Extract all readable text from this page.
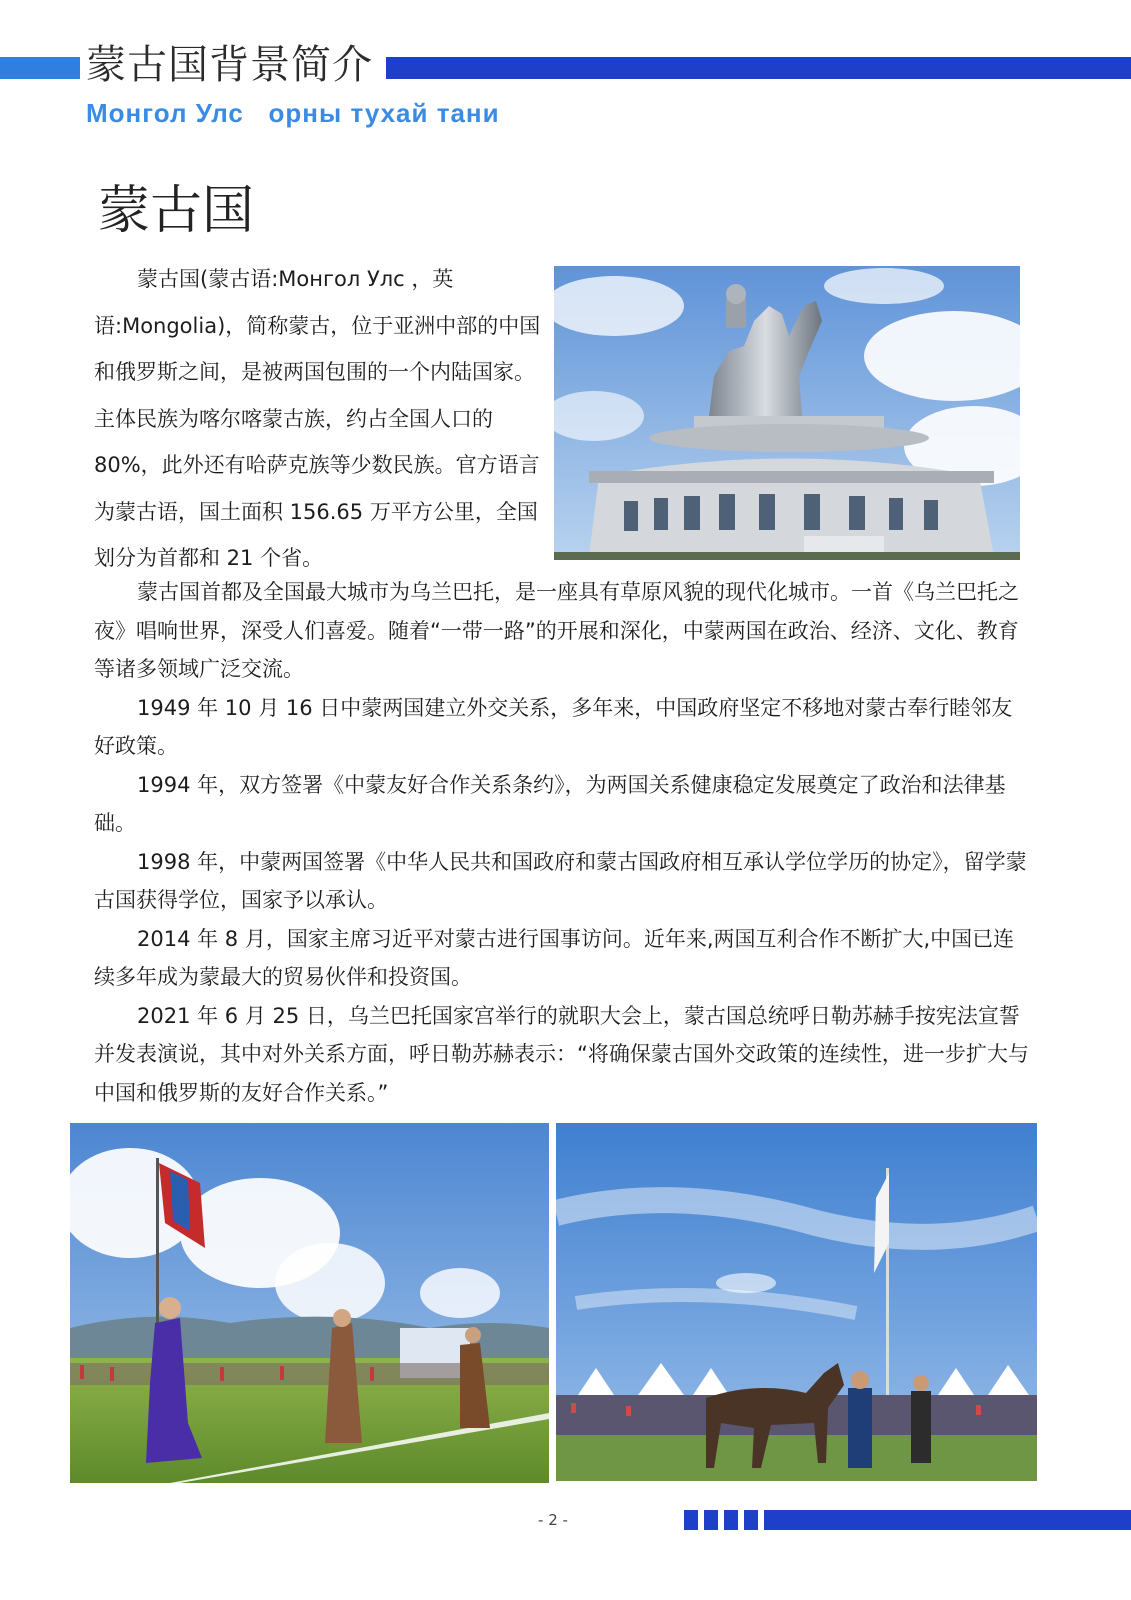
蒙古国背景简介
Монгол Улс   орны тухай тани
蒙古国
蒙古国(蒙古语:Монгол Улс ，英语:Mongolia)，简称蒙古，位于亚洲中部的中国和俄罗斯之间，是被两国包围的一个内陆国家。主体民族为喀尔喀蒙古族，约占全国人口的 80%，此外还有哈萨克族等少数民族。官方语言为蒙古语，国土面积 156.65 万平方公里，全国划分为首都和 21 个省。

蒙古国首都及全国最大城市为乌兰巴托，是一座具有草原风貌的现代化城市。一首《乌兰巴托之夜》唱响世界，深受人们喜爱。随着“一带一路”的开展和深化，中蒙两国在政治、经济、文化、教育等诸多领域广泛交流。

1949 年 10 月 16 日中蒙两国建立外交关系，多年来，中国政府坚定不移地对蒙古奉行睦邻友好政策。

1994 年，双方签署《中蒙友好合作关系条约》，为两国关系健康稳定发展奠定了政治和法律基础。

1998 年，中蒙两国签署《中华人民共和国政府和蒙古国政府相互承认学位学历的协定》，留学蒙古国获得学位，国家予以承认。

2014 年 8 月，国家主席习近平对蒙古进行国事访问。近年来,两国互利合作不断扩大,中国已连续多年成为蒙最大的贸易伙伴和投资国。

2021 年 6 月 25 日，乌兰巴托国家宫举行的就职大会上，蒙古国总统呼日勒苏赫手按宪法宣誓并发表演说，其中对外关系方面，呼日勒苏赫表示：“将确保蒙古国外交政策的连续性，进一步扩大与中国和俄罗斯的友好合作关系。”

- 2 -
